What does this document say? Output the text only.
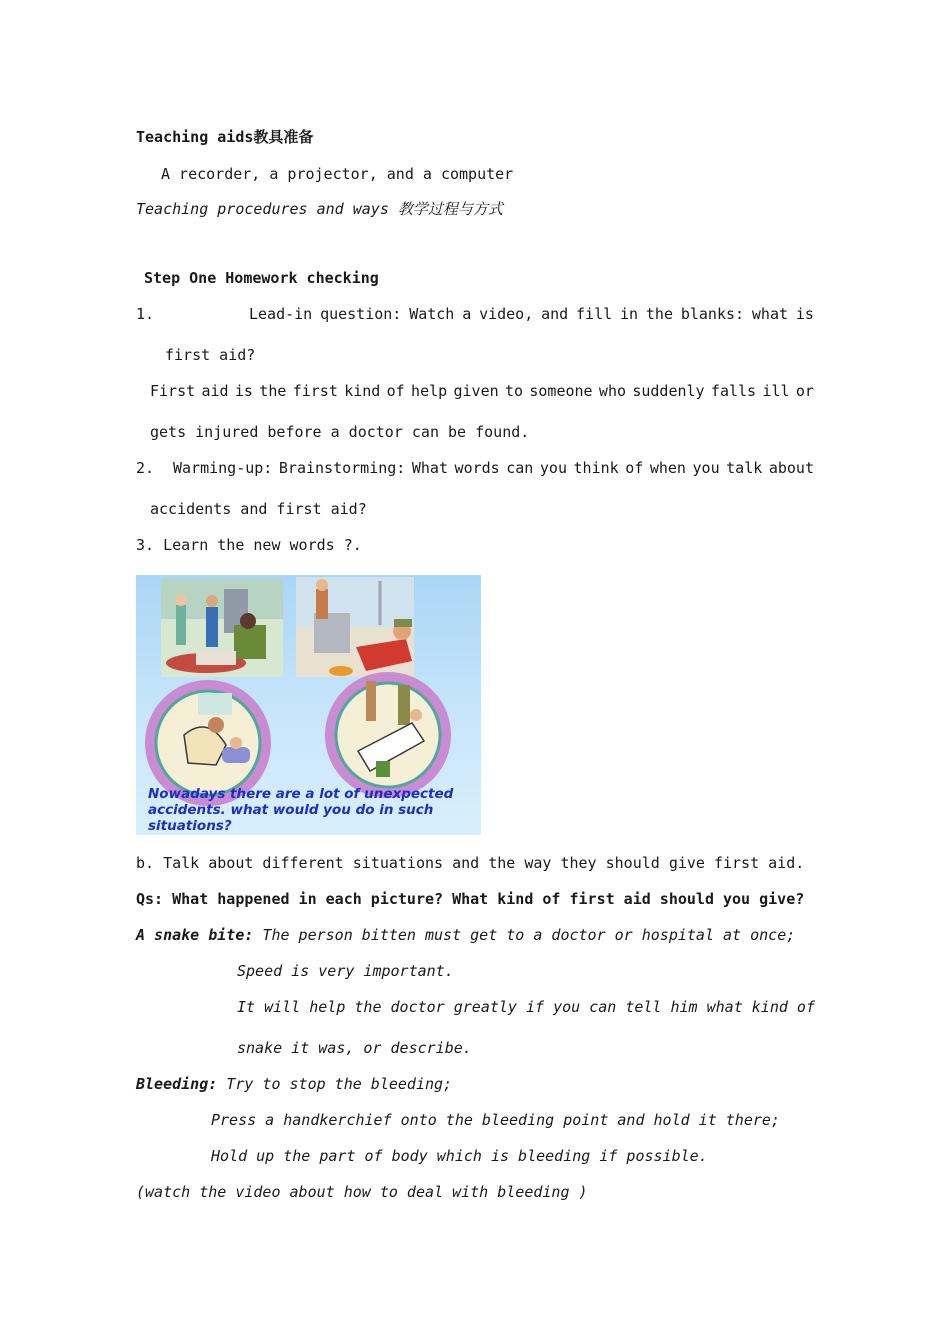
Teaching aids教具准备
A recorder, a projector, and a computer
Teaching procedures and ways 教学过程与方式
Step One Homework checking
1.	Lead-in question: Watch a video, and fill in the blanks: what is
first aid?
First aid is the first kind of help given to someone who suddenly falls ill or
gets injured before a doctor can be found.
2. Warming-up: Brainstorming: What words can you think of when you talk about
accidents and first aid?
3. Learn the new words ?.
Nowadays there are a lot of unexpected
accidents. what would you do in such
situations?
b. Talk about different situations and the way they should give first aid.
Qs: What happened in each picture? What kind of first aid should you give?
A snake bite: The person bitten must get to a doctor or hospital at once;
Speed is very important.
It will help the doctor greatly if you can tell him what kind of
snake it was, or describe.
Bleeding: Try to stop the bleeding;
Press a handkerchief onto the bleeding point and hold it there;
Hold up the part of body which is bleeding if possible.
(watch the video about how to deal with bleeding )
